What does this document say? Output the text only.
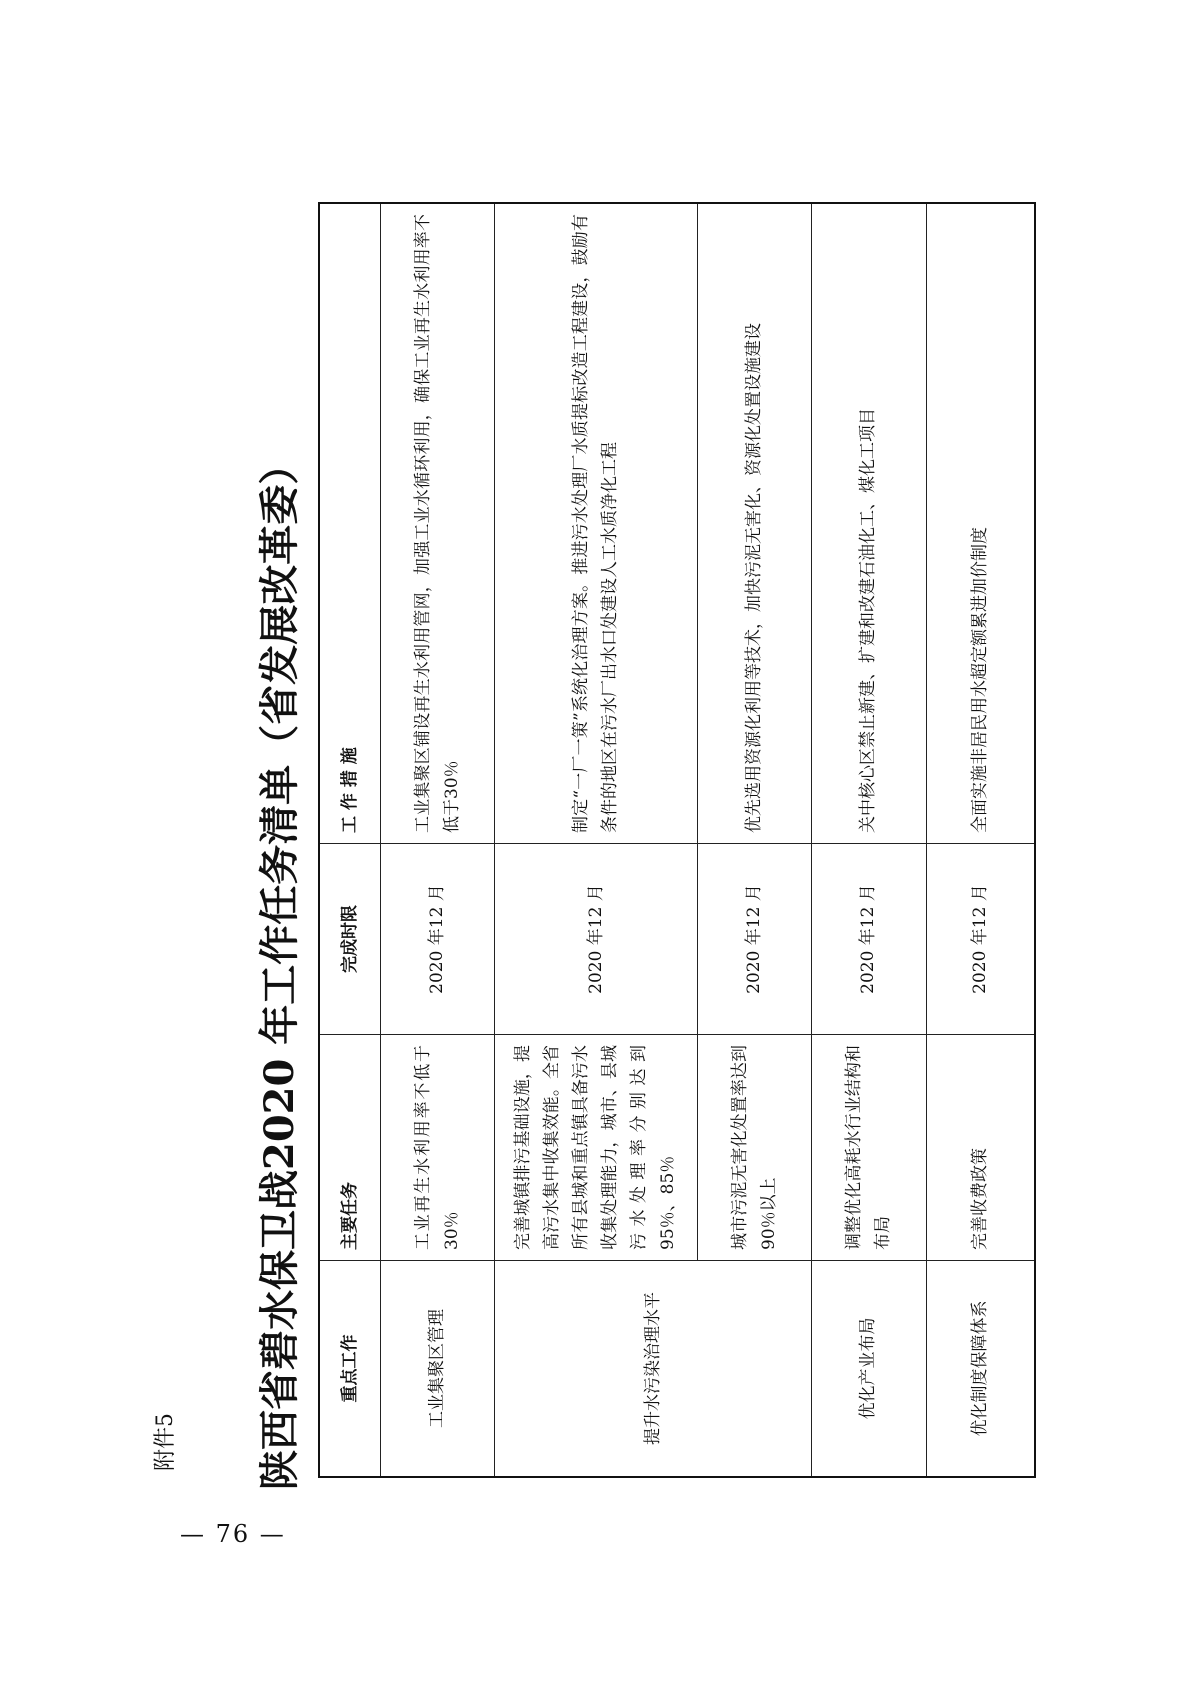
附件5
— 76 —
陕西省碧水保卫战2020 年工作任务清单（省发展改革委）	重点工作	主要任务	完成时限	工 作 措 施
工业集聚区管理	工业再生水利用率不低于30％	2020 年12 月	工业集聚区铺设再生水利用管网，加强工业水循环利用，确保工业再生水利用率不低于30％
提升水污染治理水平	完善城镇排污基础设施，提高污水集中收集效能。全省所有县城和重点镇具备污水收集处理能力，城市、县城污水处理率分别达到95％、85％	2020 年12 月	制定“一厂一策”系统化治理方案。推进污水处理厂水质提标改造工程建设，鼓励有条件的地区在污水厂出水口处建设人工水质净化工程
	城市污泥无害化处置率达到90％以上	2020 年12 月	优先选用资源化利用等技术，加快污泥无害化、资源化处置设施建设
优化产业布局	调整优化高耗水行业结构和布局	2020 年12 月	关中核心区禁止新建、扩建和改建石油化工、煤化工项目
优化制度保障体系	完善收费政策	2020 年12 月	全面实施非居民用水超定额累进加价制度
